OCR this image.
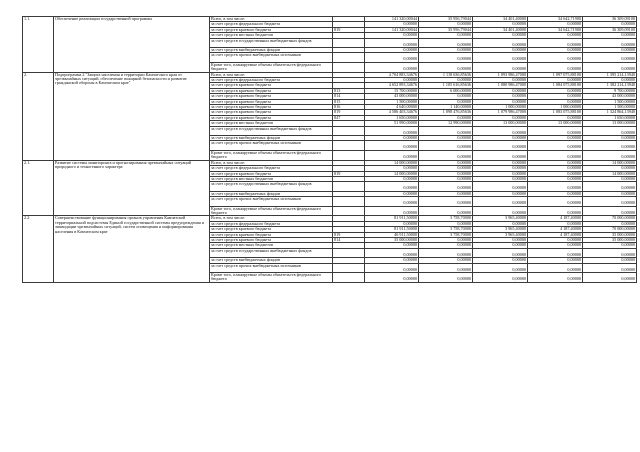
1.1.	Обеспечение реализации государственной программы	Всего, в том числе:		141 320,00044	35 956,79044	34 401,40000	34 642,71900	36 309,09100
		за счет средств федерального бюджета		0,00000	0,00000	0,00000	0,00000	0,00000
		за счет средств краевого бюджета	819	141 320,00044	35 956,79044	34 401,40000	34 642,71900	36 309,09100
		за счет средств местных бюджетов		0,00000	0,00000	0,00000	0,00000	0,00000
		за счет средств государственных внебюджетных фондов		0,00000	0,00000	0,00000	0,00000	0,00000
		за счет средств внебюджетных фондов		0,00000	0,00000	0,00000	0,00000	0,00000
		за счет средств прочих внебюджетных источников		0,00000	0,00000	0,00000	0,00000	0,00000
		Кроме того, планируемые объемы обязательств федерального бюджета		0,00000	0,00000	0,00000	0,00000	0,00000
2.	Подпрограмма 2 "Защита населения и территории Камчатского края от чрезвычайных ситуаций, обеспечение пожарной безопасности и развитие гражданской обороны в Камчатском крае"	Всего, в том числе:		4 704 883,34676	1 118 636,85636	1 093 986,47000	1 097 075,88100	1 395 214,13940
		за счет средств федерального бюджета		0,00000	0,00000	0,00000	0,00000	0,00000
		за счет средств краевого бюджета		4 652 893,34676	1 105 616,85636	1 080 986,47000	1 084 075,88100	1 382 214,13940
		за счет средств краевого бюджета	813	15 700,00000	6 000,00000	0,00000	0,00000	9 700,00000
		за счет средств краевого бюджета	814	43 000,00000	0,00000	0,00000	0,00000	43 000,00000
		за счет средств краевого бюджета	815	1 500,00000	0,00000	0,00000	0,00000	1 500,00000
		за счет средств краевого бюджета	816	4 640,00000	1 140,00000	1 000,00000	1 000,00000	1 500,00000
		за счет средств краевого бюджета	819	4 586 403,34676	1 098 476,85636	1 079 986,47000	1 083 075,88100	1 324 864,13940
		за счет средств краевого бюджета	847	1 650,00000	0,00000	0,00000	0,00000	1 650,00000
		за счет средств местных бюджетов		51 990,00000	12 990,00000	13 000,00000	13 000,00000	13 000,00000
		за счет средств государственных внебюджетных фондов		0,00000	0,00000	0,00000	0,00000	0,00000
		за счет средств внебюджетных фондов		0,00000	0,00000	0,00000	0,00000	0,00000
		за счет средств прочих внебюджетных источников		0,00000	0,00000	0,00000	0,00000	0,00000
		Кроме того, планируемые объемы обязательств федерального бюджета		0,00000	0,00000	0,00000	0,00000	0,00000
2.1.	Развитие системы мониторинга и прогнозирования чрезвычайных ситуаций природного и техногенного характера	Всего, в том числе:		14 000,00000	0,00000	0,00000	0,00000	14 000,00000
		за счет средств федерального бюджета		0,00000	0,00000	0,00000	0,00000	0,00000
		за счет средств краевого бюджета	819	14 000,00000	0,00000	0,00000	0,00000	14 000,00000
		за счет средств местных бюджетов		0,00000	0,00000	0,00000	0,00000	0,00000
		за счет средств государственных внебюджетных фондов		0,00000	0,00000	0,00000	0,00000	0,00000
		за счет средств внебюджетных фондов		0,00000	0,00000	0,00000	0,00000	0,00000
		за счет средств прочих внебюджетных источников		0,00000	0,00000	0,00000	0,00000	0,00000
		Кроме того, планируемые объемы обязательств федерального бюджета		0,00000	0,00000	0,00000	0,00000	0,00000
2.2.	Совершенствование функционирования органов управления Камчатской территориальной подсистемы Единой государственной системы предупреждения и ликвидации чрезвычайных ситуаций, систем оповещения и информирования населения в Камчатском крае	Всего, в том числе:		81 911,50000	3 758,70000	3 965,40000	4 187,40000	70 000,00000
		за счет средств федерального бюджета		0,00000	0,00000	0,00000	0,00000	0,00000
		за счет средств краевого бюджета		81 911,50000	3 758,70000	3 965,40000	4 187,40000	70 000,00000
		за счет средств краевого бюджета	819	46 911,50000	3 758,70000	3 965,40000	4 187,40000	35 000,00000
		за счет средств краевого бюджета	814	35 000,00000	0,00000	0,00000	0,00000	35 000,00000
		за счет средств местных бюджетов		0,00000	0,00000	0,00000	0,00000	0,00000
		за счет средств государственных внебюджетных фондов		0,00000	0,00000	0,00000	0,00000	0,00000
		за счет средств внебюджетных фондов		0,00000	0,00000	0,00000	0,00000	0,00000
		за счет средств прочих внебюджетных источников		0,00000	0,00000	0,00000	0,00000	0,00000
		Кроме того, планируемые объемы обязательств федерального бюджета		0,00000	0,00000	0,00000	0,00000	0,00000
